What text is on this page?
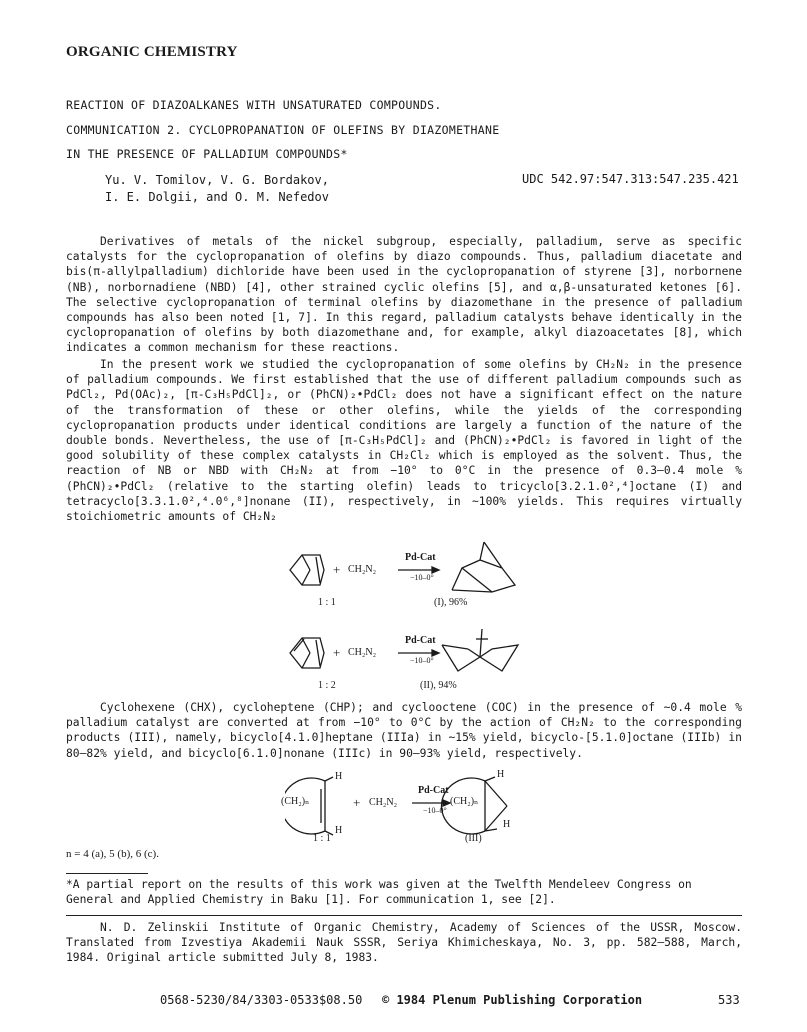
ORGANIC CHEMISTRY
REACTION OF DIAZOALKANES WITH UNSATURATED COMPOUNDS.
COMMUNICATION 2. CYCLOPROPANATION OF OLEFINS BY DIAZOMETHANE
IN THE PRESENCE OF PALLADIUM COMPOUNDS*
Yu. V. Tomilov, V. G. Bordakov,
I. E. Dolgii, and O. M. Nefedov
UDC 542.97:547.313:547.235.421

Derivatives of metals of the nickel subgroup, especially, palladium, serve as specific catalysts for the cyclopropanation of olefins by diazo compounds. Thus, palladium diacetate and bis(π-allylpalladium) dichloride have been used in the cyclopropanation of styrene [3], norbornene (NB), norbornadiene (NBD) [4], other strained cyclic olefins [5], and α,β-unsaturated ketones [6]. The selective cyclopropanation of terminal olefins by diazomethane in the presence of palladium compounds has also been noted [1, 7]. In this regard, palladium catalysts behave identically in the cyclopropanation of olefins by both diazomethane and, for example, alkyl diazoacetates [8], which indicates a common mechanism for these reactions.

In the present work we studied the cyclopropanation of some olefins by CH₂N₂ in the presence of palladium compounds. We first established that the use of different palladium compounds such as PdCl₂, Pd(OAc)₂, [π-C₃H₅PdCl]₂, or (PhCN)₂•PdCl₂ does not have a significant effect on the nature of the transformation of these or other olefins, while the yields of the corresponding cyclopropanation products under identical conditions are largely a function of the nature of the double bonds. Nevertheless, the use of [π-C₃H₅PdCl]₂ and (PhCN)₂•PdCl₂ is favored in light of the good solubility of these complex catalysts in CH₂Cl₂ which is employed as the solvent. Thus, the reaction of NB or NBD with CH₂N₂ at from −10° to 0°C in the presence of 0.3–0.4 mole % (PhCN)₂•PdCl₂ (relative to the starting olefin) leads to tricyclo[3.2.1.0²,⁴]octane (I) and tetracyclo[3.3.1.0²,⁴.0⁶,⁸]nonane (II), respectively, in ~100% yields. This requires virtually stoichiometric amounts of CH₂N₂

+ CH₂N₂
Pd-Cat
−10–0°
1 : 1	(I), 96%
+ CH₂N₂
Pd-Cat
−10–0°
1 : 2	(II), 94%

Cyclohexene (CHX), cycloheptene (CHP); and cyclooctene (COC) in the presence of ~0.4 mole % palladium catalyst are converted at from −10° to 0°C by the action of CH₂N₂ to the corresponding products (III), namely, bicyclo[4.1.0]heptane (IIIa) in ~15% yield, bicyclo-[5.1.0]octane (IIIb) in 80–82% yield, and bicyclo[6.1.0]nonane (IIIc) in 90–93% yield, respectively.

(CH₂)ₙ
H
H
+ CH₂N₂
Pd-Cat
−10–0°
(CH₂)ₙ
H
H
1 : 1	(III)
n = 4 (a), 5 (b), 6 (c).
*A partial report on the results of this work was given at the Twelfth Mendeleev Congress on General and Applied Chemistry in Baku [1]. For communication 1, see [2].

N. D. Zelinskii Institute of Organic Chemistry, Academy of Sciences of the USSR, Moscow. Translated from Izvestiya Akademii Nauk SSSR, Seriya Khimicheskaya, No. 3, pp. 582–588, March, 1984. Original article submitted July 8, 1983.

0568-5230/84/3303-0533$08.50 © 1984 Plenum Publishing Corporation	533
